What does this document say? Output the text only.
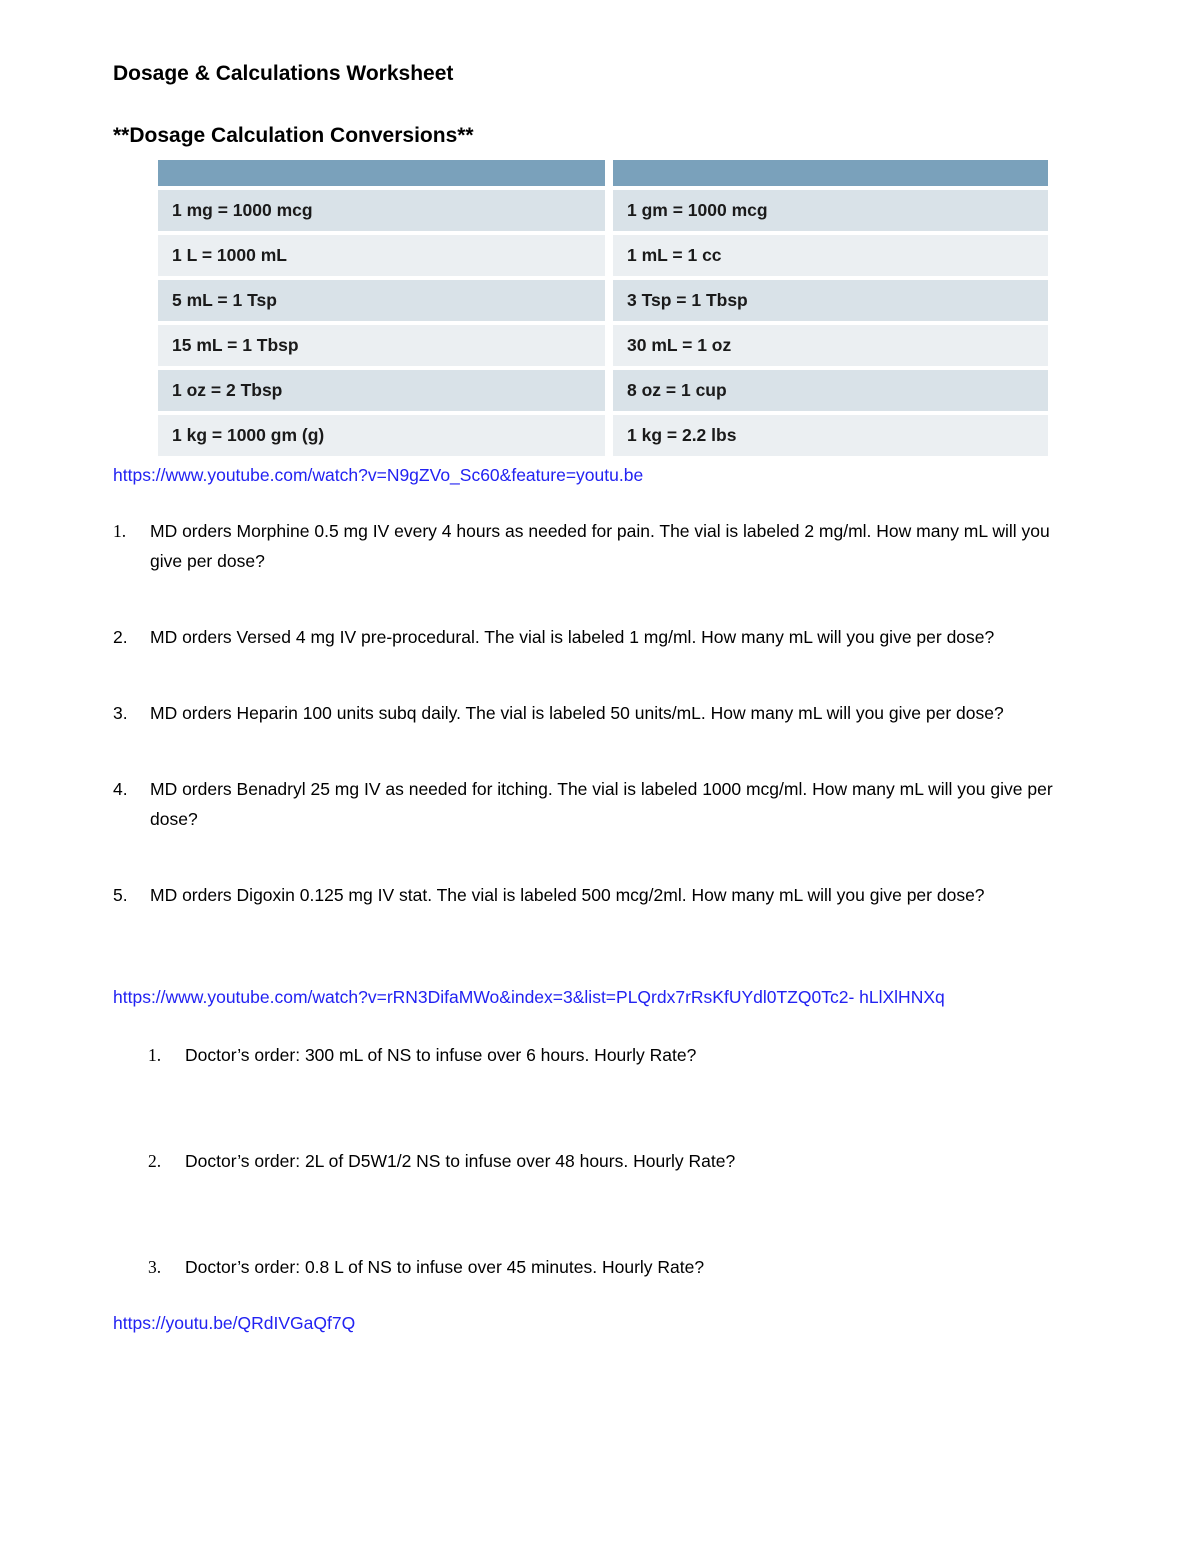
Dosage & Calculations Worksheet
**Dosage Calculation Conversions**
1 mg = 1000 mcg	1 gm = 1000 mcg
1 L = 1000 mL	1 mL = 1 cc
5 mL = 1 Tsp	3 Tsp = 1 Tbsp
15 mL = 1 Tbsp	30 mL = 1 oz
1 oz = 2 Tbsp	8 oz = 1 cup
1 kg = 1000 gm (g)	1 kg = 2.2 lbs
https://www.youtube.com/watch?v=N9gZVo_Sc60&feature=youtu.be
1.	MD orders Morphine 0.5 mg IV every 4 hours as needed for pain. The vial is labeled 2 mg/ml. How many mL will you give per dose?
2.	MD orders Versed 4 mg IV pre-procedural. The vial is labeled 1 mg/ml. How many mL will you give per dose?
3.	MD orders Heparin 100 units subq daily. The vial is labeled 50 units/mL. How many mL will you give per dose?
4.	MD orders Benadryl 25 mg IV as needed for itching. The vial is labeled 1000 mcg/ml. How many mL will you give per dose?
5.	MD orders Digoxin 0.125 mg IV stat. The vial is labeled 500 mcg/2ml. How many mL will you give per dose?
https://www.youtube.com/watch?v=rRN3DifaMWo&index=3&list=PLQrdx7rRsKfUYdl0TZQ0Tc2- hLlXlHNXq
1.	Doctor’s order: 300 mL of NS to infuse over 6 hours. Hourly Rate?
2.	Doctor’s order: 2L of D5W1/2 NS to infuse over 48 hours. Hourly Rate?
3.	Doctor’s order: 0.8 L of NS to infuse over 45 minutes. Hourly Rate?
https://youtu.be/QRdIVGaQf7Q
